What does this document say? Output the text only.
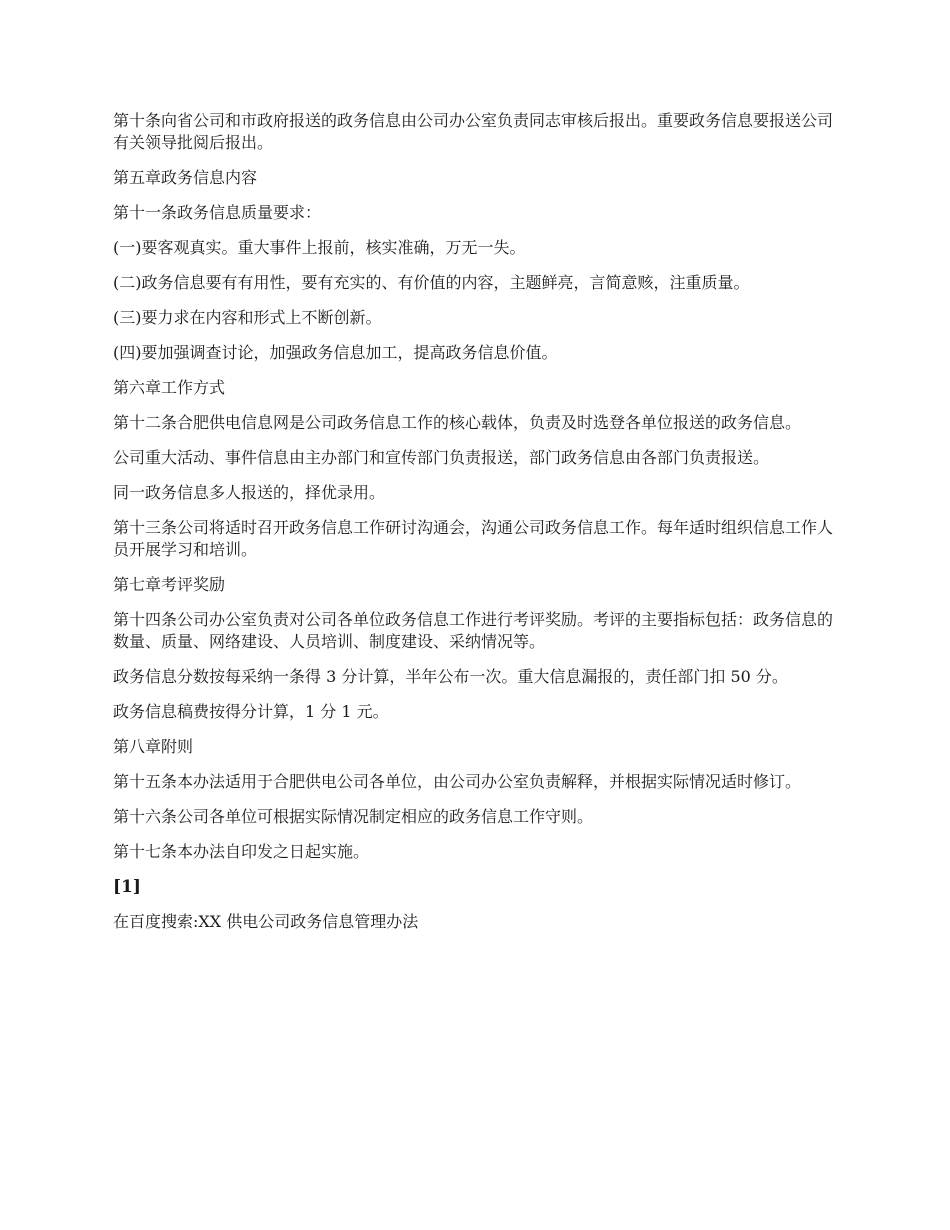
第十条向省公司和市政府报送的政务信息由公司办公室负责同志审核后报出。重要政务信息要报送公司有关领导批阅后报出。

第五章政务信息内容

第十一条政务信息质量要求：

(一)要客观真实。重大事件上报前，核实准确，万无一失。

(二)政务信息要有有用性，要有充实的、有价值的内容，主题鲜亮，言简意赅，注重质量。

(三)要力求在内容和形式上不断创新。

(四)要加强调查讨论，加强政务信息加工，提高政务信息价值。

第六章工作方式

第十二条合肥供电信息网是公司政务信息工作的核心载体，负责及时选登各单位报送的政务信息。

公司重大活动、事件信息由主办部门和宣传部门负责报送，部门政务信息由各部门负责报送。

同一政务信息多人报送的，择优录用。

第十三条公司将适时召开政务信息工作研讨沟通会，沟通公司政务信息工作。每年适时组织信息工作人员开展学习和培训。

第七章考评奖励

第十四条公司办公室负责对公司各单位政务信息工作进行考评奖励。考评的主要指标包括：政务信息的数量、质量、网络建设、人员培训、制度建设、采纳情况等。

政务信息分数按每采纳一条得 3 分计算，半年公布一次。重大信息漏报的，责任部门扣 50 分。

政务信息稿费按得分计算，1 分 1 元。

第八章附则

第十五条本办法适用于合肥供电公司各单位，由公司办公室负责解释，并根据实际情况适时修订。

第十六条公司各单位可根据实际情况制定相应的政务信息工作守则。

第十七条本办法自印发之日起实施。

[1]

在百度搜索:XX 供电公司政务信息管理办法
